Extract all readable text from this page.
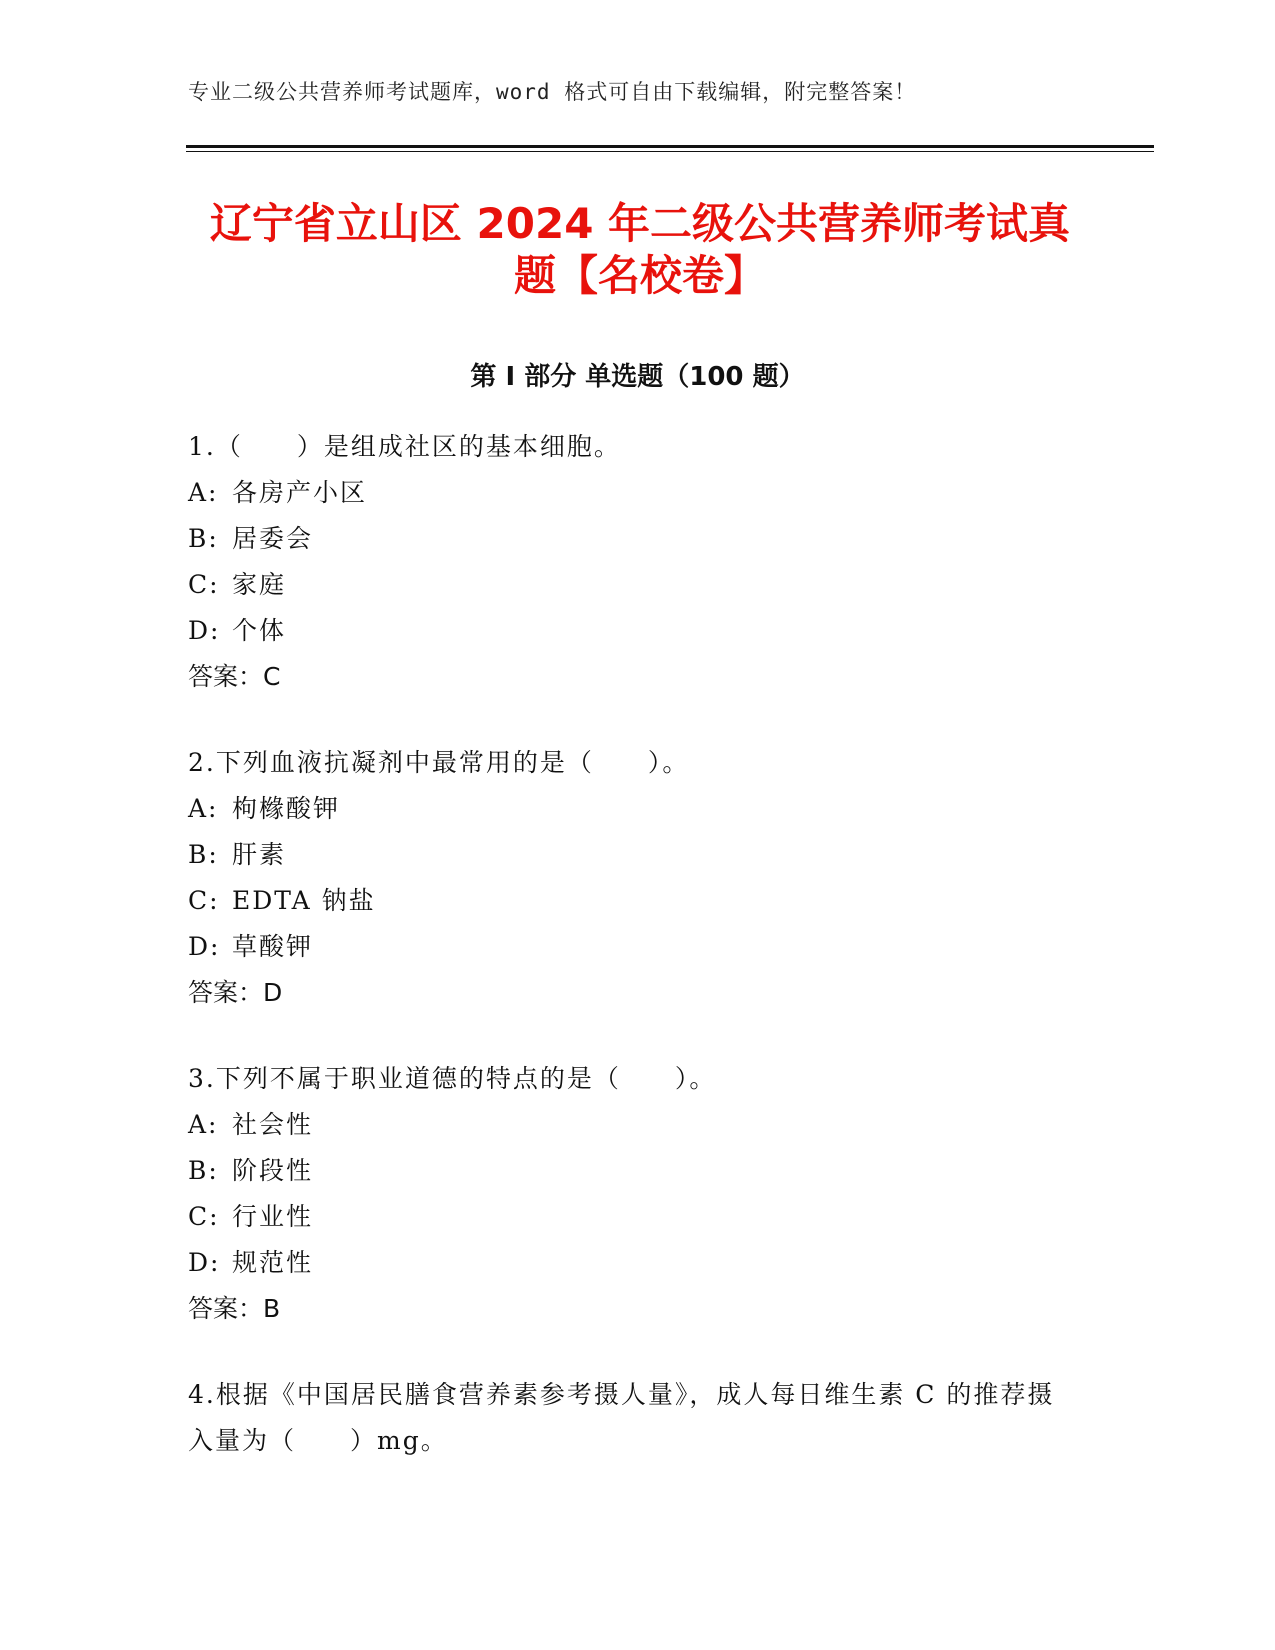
专业二级公共营养师考试题库，word 格式可自由下载编辑，附完整答案！
辽宁省立山区 2024 年二级公共营养师考试真
题【名校卷】
第 I 部分 单选题（100 题）

1.（　　）是组成社区的基本细胞。

A: 各房产小区

B: 居委会

C: 家庭

D: 个体

答案：C

2.下列血液抗凝剂中最常用的是（　　）。

A: 枸橼酸钾

B: 肝素

C: EDTA 钠盐

D: 草酸钾

答案：D

3.下列不属于职业道德的特点的是（　　）。

A: 社会性

B: 阶段性

C: 行业性

D: 规范性

答案：B

4.根据《中国居民膳食营养素参考摄人量》，成人每日维生素 C 的推荐摄入量为（　　）mg。
